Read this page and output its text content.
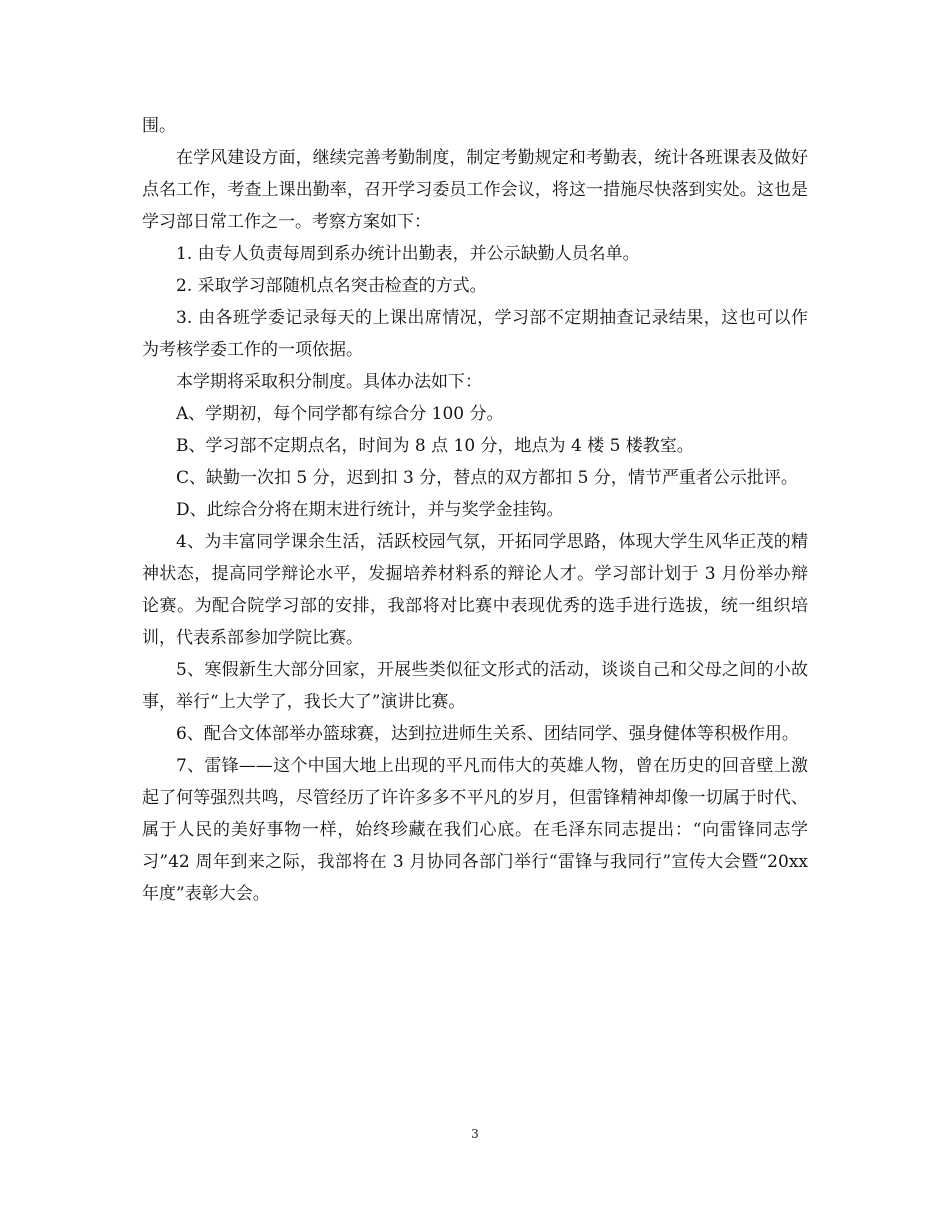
围。

在学风建设方面，继续完善考勤制度，制定考勤规定和考勤表，统计各班课表及做好点名工作，考查上课出勤率，召开学习委员工作会议，将这一措施尽快落到实处。这也是学习部日常工作之一。考察方案如下：

1. 由专人负责每周到系办统计出勤表，并公示缺勤人员名单。

2. 采取学习部随机点名突击检查的方式。

3. 由各班学委记录每天的上课出席情况，学习部不定期抽查记录结果，这也可以作为考核学委工作的一项依据。

本学期将采取积分制度。具体办法如下：

A、学期初，每个同学都有综合分 100 分。

B、学习部不定期点名，时间为 8 点 10 分，地点为 4 楼 5 楼教室。

C、缺勤一次扣 5 分，迟到扣 3 分，替点的双方都扣 5 分，情节严重者公示批评。

D、此综合分将在期末进行统计，并与奖学金挂钩。

4、为丰富同学课余生活，活跃校园气氛，开拓同学思路，体现大学生风华正茂的精神状态，提高同学辩论水平，发掘培养材料系的辩论人才。学习部计划于 3 月份举办辩论赛。为配合院学习部的安排，我部将对比赛中表现优秀的选手进行选拔，统一组织培训，代表系部参加学院比赛。

5、寒假新生大部分回家，开展些类似征文形式的活动，谈谈自己和父母之间的小故事，举行“上大学了，我长大了”演讲比赛。

6、配合文体部举办篮球赛，达到拉进师生关系、团结同学、强身健体等积极作用。

7、雷锋——这个中国大地上出现的平凡而伟大的英雄人物，曾在历史的回音壁上激起了何等强烈共鸣，尽管经历了许许多多不平凡的岁月，但雷锋精神却像一切属于时代、属于人民的美好事物一样，始终珍藏在我们心底。在毛泽东同志提出：“向雷锋同志学习”42 周年到来之际，我部将在 3 月协同各部门举行“雷锋与我同行”宣传大会暨“20xx 年度”表彰大会。

3
